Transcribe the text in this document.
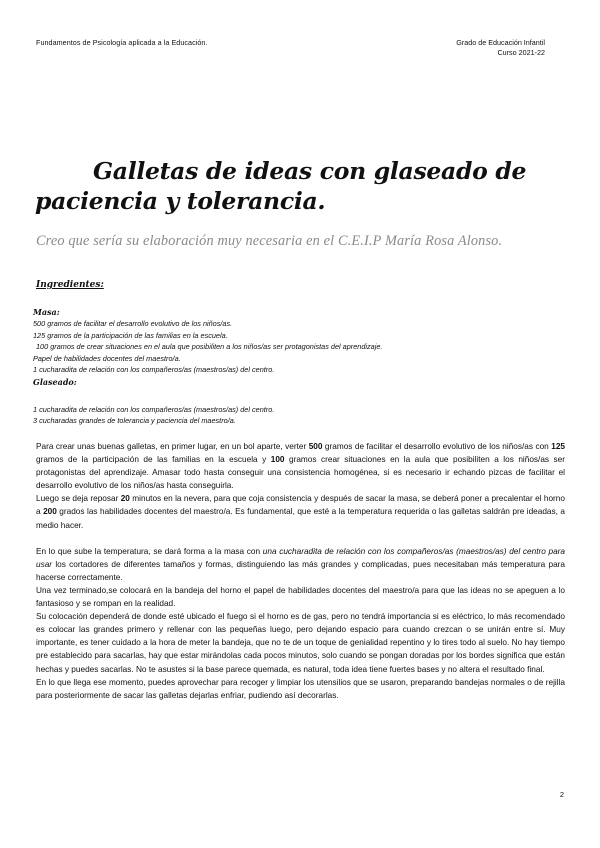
Fundamentos de Psicología aplicada a la Educación.	Grado de Educación Infantil
Curso 2021-22
Galletas de ideas con glaseado de paciencia y tolerancia.
Creo que sería su elaboración muy necesaria en el C.E.I.P María Rosa Alonso.
Ingredientes:
Masa:
500 gramos de facilitar el desarrollo evolutivo de los niños/as.
125 gramos de la participación de las familias en la escuela.
100 gramos de crear situaciones en el aula que posibiliten a los niños/as ser protagonistas del aprendizaje.
Papel de habilidades docentes del maestro/a.
1 cucharadita de relación con los compañeros/as (maestros/as) del centro.
Glaseado:
1 cucharadita de relación con los compañeros/as (maestros/as) del centro.
3 cucharadas grandes de tolerancia y paciencia del maestro/a.

Para crear unas buenas galletas, en primer lugar, en un bol aparte, verter 500 gramos de facilitar el desarrollo evolutivo de los niños/as con 125 gramos de la participación de las familias en la escuela y 100 gramos crear situaciones en la aula que posibiliten a los niños/as ser protagonistas del aprendizaje. Amasar todo hasta conseguir una consistencia homogénea, si es necesario ir echando pizcas de facilitar el desarrollo evolutivo de los niños/as hasta conseguirla.

Luego se deja reposar 20 minutos en la nevera, para que coja consistencia y después de sacar la masa, se deberá poner a precalentar el horno a 200 grados las habilidades docentes del maestro/a. Es fundamental, que esté a la temperatura requerida o las galletas saldrán pre ideadas, a medio hacer.

En lo que sube la temperatura, se dará forma a la masa con una cucharadita de relación con los compañeros/as (maestros/as) del centro para usar los cortadores de diferentes tamaños y formas, distinguiendo las más grandes y complicadas, pues necesitaban más temperatura para hacerse correctamente.

Una vez terminado,se colocará en la bandeja del horno el papel de habilidades docentes del maestro/a para que las ideas no se apeguen a lo fantasioso y se rompan en la realidad.

Su colocación dependerá de donde esté ubicado el fuego si el horno es de gas, pero no tendrá importancia si es eléctrico, lo más recomendado es colocar las grandes primero y rellenar con las pequeñas luego, pero dejando espacio para cuando crezcan o se unirán entre sí. Muy importante, es tener cuidado a la hora de meter la bandeja, que no te de un toque de genialidad repentino y lo tires todo al suelo. No hay tiempo pre establecido para sacarlas, hay que estar mirándolas cada pocos minutos, solo cuando se pongan doradas por los bordes significa que están hechas y puedes sacarlas. No te asustes si la base parece quemada, es natural, toda idea tiene fuertes bases y no altera el resultado final.

En lo que llega ese momento, puedes aprovechar para recoger y limpiar los utensilios que se usaron, preparando bandejas normales o de rejilla para posteriormente de sacar las galletas dejarlas enfriar, pudiendo así decorarlas.

2
